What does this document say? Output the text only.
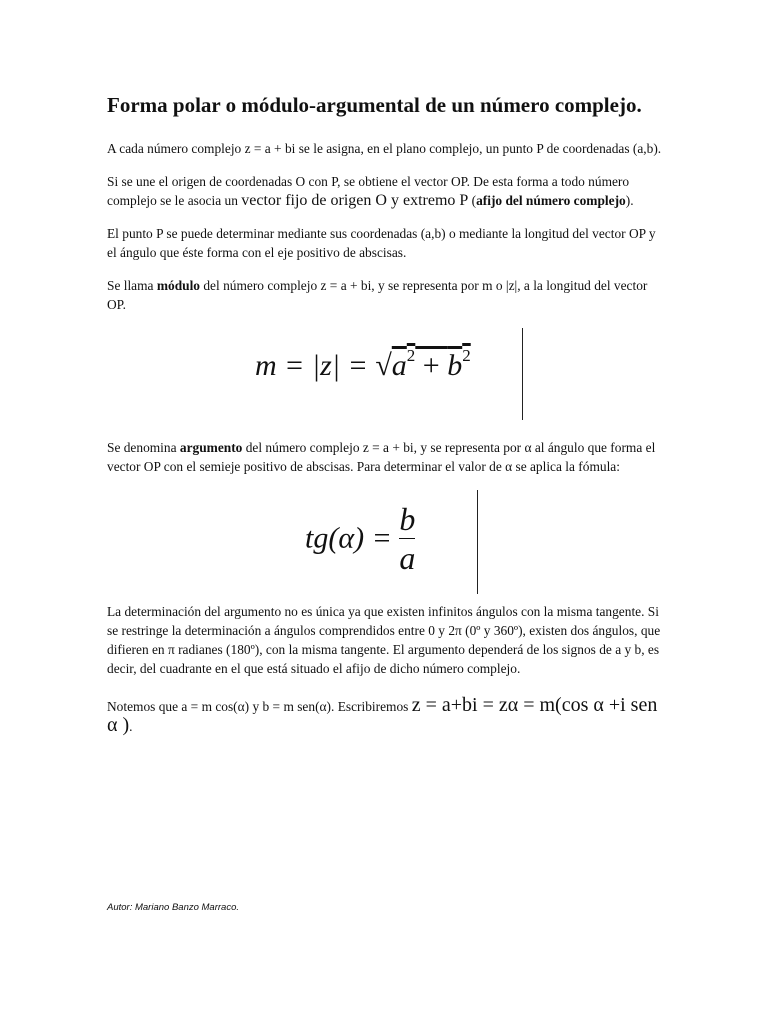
Forma polar o módulo-argumental de un número complejo.

A cada número complejo z = a + bi se le asigna, en el plano complejo, un punto P de coordenadas (a,b).

Si se une el origen de coordenadas O con P, se obtiene el vector OP. De esta forma a todo número complejo se le asocia un vector fijo de origen O y extremo P (afijo del número complejo).

El punto P se puede determinar mediante sus coordenadas (a,b) o mediante la longitud del vector OP y el ángulo que éste forma con el eje positivo de abscisas.

Se llama módulo del número complejo z = a + bi, y se representa por m o |z|, a la longitud del vector OP.

$m = |z| = √a^2 + b^2$

Se denomina argumento del número complejo z = a + bi, y se representa por α al ángulo que forma el vector OP con el semieje positivo de abscisas. Para determinar el valor de α se aplica la fómula:

$tg(\alpha) = \frac{b}{a}$

La determinación del argumento no es única ya que existen infinitos ángulos con la misma tangente. Si se restringe la determinación a ángulos comprendidos entre 0 y 2π (0º y 360º), existen dos ángulos, que difieren en π radianes (180º), con la misma tangente. El argumento dependerá de los signos de a y b, es decir, del cuadrante en el que está situado el afijo de dicho número complejo.

Notemos que a = m cos(α) y b = m sen(α). Escribiremos z = a+bi = zα = m(cos α +i sen α ).

Autor: Mariano Banzo Marraco.
